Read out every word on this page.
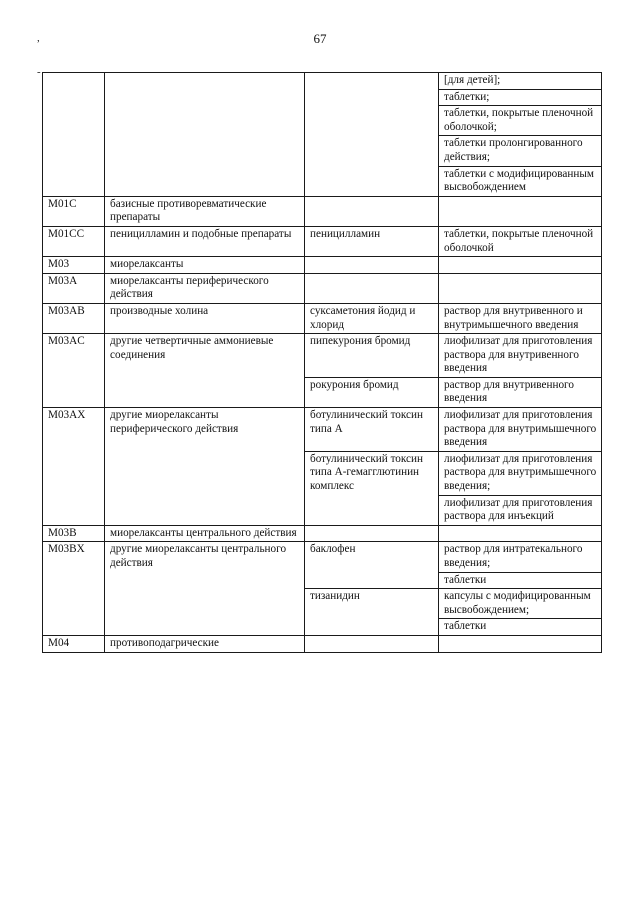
67
,
-
			[для детей];
			таблетки;
			таблетки, покрытые пленочной оболочкой;
			таблетки пролонгированного действия;
			таблетки с модифицированным высвобождением
M01C	базисные противоревматические препараты		
M01CC	пеницилламин и подобные препараты	пеницилламин	таблетки, покрытые пленочной оболочкой
M03	миорелаксанты		
M03A	миорелаксанты периферического действия		
M03AB	производные холина	суксаметония йодид и хлорид	раствор для внутривенного и внутримышечного введения
M03AC	другие четвертичные аммониевые соединения	пипекурония бромид	лиофилизат для приготовления раствора для внутривенного введения
		рокурония бромид	раствор для внутривенного введения
M03AX	другие миорелаксанты периферического действия	ботулинический токсин типа А	лиофилизат для приготовления раствора для внутримышечного введения
		ботулинический токсин типа А-гемагглютинин комплекс	лиофилизат для приготовления раствора для внутримышечного введения;
			лиофилизат для приготовления раствора для инъекций
M03B	миорелаксанты центрального действия		
M03BX	другие миорелаксанты центрального действия	баклофен	раствор для интратекального введения;
			таблетки
		тизанидин	капсулы с модифицированным высвобождением;
			таблетки
M04	противоподагрические		
